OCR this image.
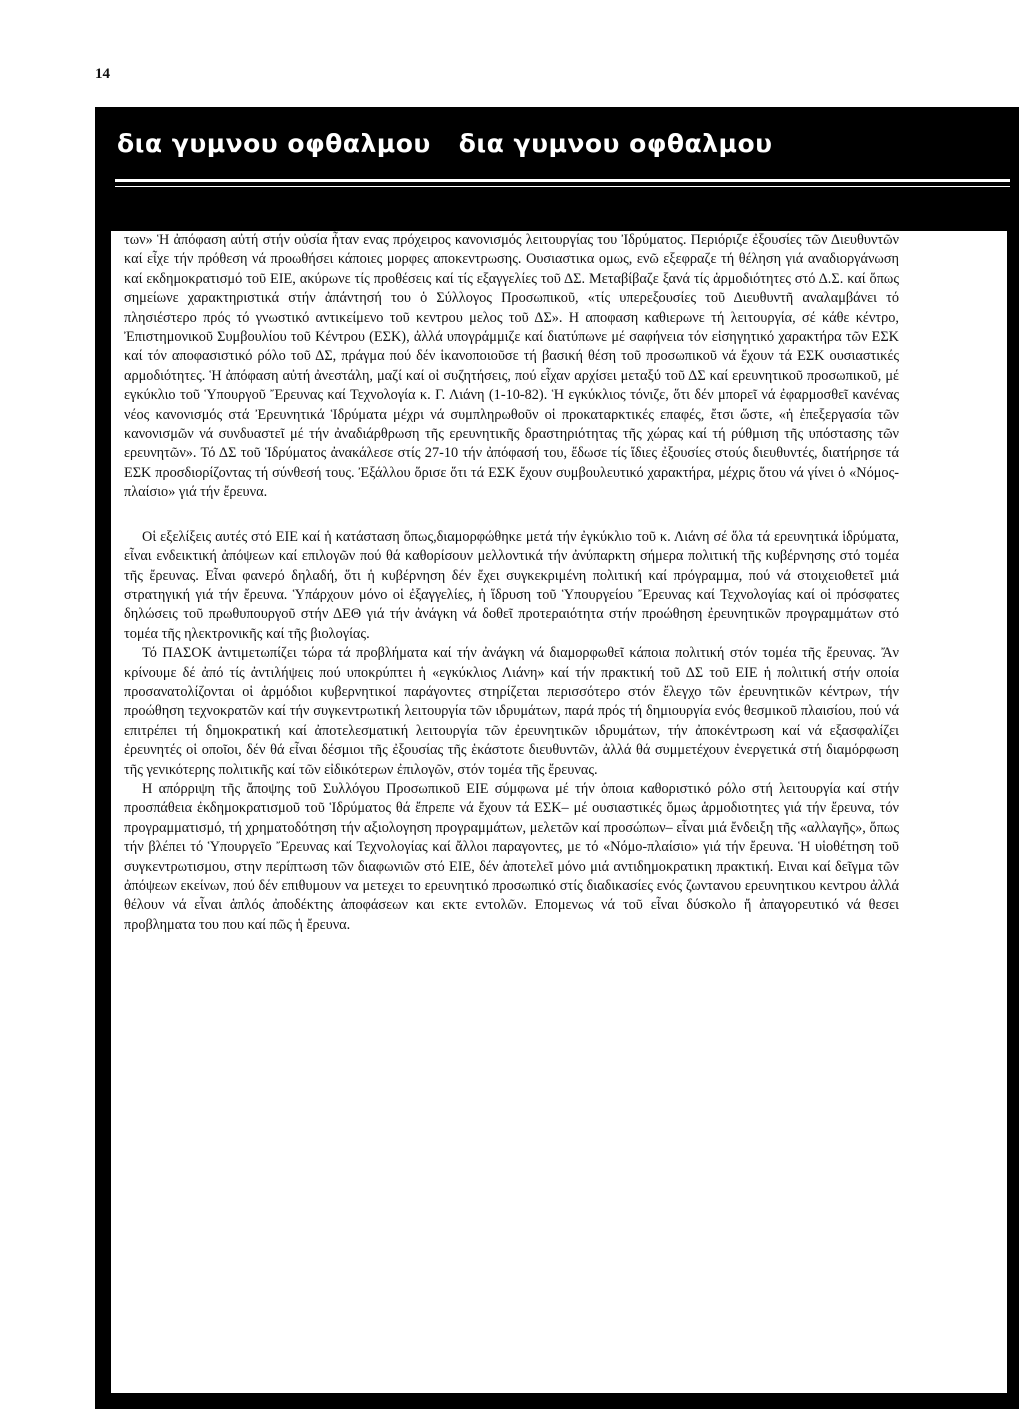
14
δια γυμνου οφθαλμου δια γυμνου οφθαλμου

των» Ἡ ἀπόφαση αὐτή στήν οὐσία ἦταν ενας πρόχειρος κανονισμός λειτουργίας του Ἰδρύματος. Περιόριζε ἐξουσίες τῶν Διευθυντῶν καί εἶχε τήν πρόθεση νά προωθήσει κάποιες μορφες αποκεντρωσης. Ουσιαστικα ομως, ενῶ εξεφραζε τή θέληση γιά αναδιοργάνωση καί εκδημοκρατισμό τοῦ ΕΙΕ, ακύρωνε τίς προθέσεις καί τίς εξαγγελίες τοῦ ΔΣ. Μεταβίβαζε ξανά τίς ἁρμοδιότητες στό Δ.Σ. καί ὅπως σημείωνε χαρακτηριστικά στήν ἀπάντησή του ὁ Σύλλογος Προσωπικοῦ, «τίς υπερεξουσίες τοῦ Διευθυντῆ αναλαμβάνει τό πλησιέστερο πρός τό γνωστικό αντικείμενο τοῦ κεντρου μελος τοῦ ΔΣ». Η αποφαση καθιερωνε τή λειτουργία, σέ κάθε κέντρο, Ἐπιστημονικοῦ Συμβουλίου τοῦ Κέντρου (ΕΣΚ), ἀλλά υπογράμμιζε καί διατύπωνε μέ σαφήνεια τόν εἰσηγητικό χαρακτήρα τῶν ΕΣΚ καί τόν αποφασιστικό ρόλο τοῦ ΔΣ, πράγμα πού δέν ἱκανοποιοῦσε τή βασική θέση τοῦ προσωπικοῦ νά ἔχουν τά ΕΣΚ ουσιαστικές αρμοδιότητες. Ἡ ἀπόφαση αὐτή ἀνεστάλη, μαζί καί οἱ συζητήσεις, πού εἶχαν αρχίσει μεταξύ τοῦ ΔΣ καί ερευνητικοῦ προσωπικοῦ, μέ εγκύκλιο τοῦ Ὑπουργοῦ Ἔρευνας καί Τεχνολογία κ. Γ. Λιάνη (1-10-82). Ἡ εγκύκλιος τόνιζε, ὅτι δέν μπορεῖ νά ἐφαρμοσθεῖ κανένας νέος κανονισμός στά Ἐρευνητικά Ἱδρύματα μέχρι νά συμπληρωθοῦν οἱ προκαταρκτικές επαφές, ἔτσι ὥστε, «ἡ ἐπεξεργασία τῶν κανονισμῶν νά συνδυαστεῖ μέ τήν ἀναδιάρθρωση τῆς ερευνητικῆς δραστηριότητας τῆς χώρας καί τή ρύθμιση τῆς υπόστασης τῶν ερευνητῶν». Τό ΔΣ τοῦ Ἱδρύματος ἀνακάλεσε στίς 27-10 τήν ἀπόφασή του, ἔδωσε τίς ἴδιες ἐξουσίες στούς διευθυντές, διατήρησε τά ΕΣΚ προσδιορίζοντας τή σύνθεσή τους. Ἐξάλλου ὅρισε ὅτι τά ΕΣΚ ἔχουν συμβουλευτικό χαρακτήρα, μέχρις ὅτου νά γίνει ὁ «Νόμος-πλαίσιο» γιά τήν ἔρευνα.

Οἱ εξελίξεις αυτές στό ΕΙΕ καί ἡ κατάσταση ὅπως,διαμορφώθηκε μετά τήν ἐγκύκλιο τοῦ κ. Λιάνη σέ ὅλα τά ερευνητικά ἱδρύματα, εἶναι ενδεικτική ἀπόψεων καί επιλογῶν πού θά καθορίσουν μελλοντικά τήν ἀνύπαρκτη σήμερα πολιτική τῆς κυβέρνησης στό τομέα τῆς ἔρευνας. Εἶναι φανερό δηλαδή, ὅτι ἡ κυβέρνηση δέν ἔχει συγκεκριμένη πολιτική καί πρόγραμμα, πού νά στοιχειοθετεῖ μιά στρατηγική γιά τήν ἔρευνα. Ὑπάρχουν μόνο οἱ ἐξαγγελίες, ἡ ἵδρυση τοῦ Ὑπουργείου Ἔρευνας καί Τεχνολογίας καί οἱ πρόσφατες δηλώσεις τοῦ πρωθυπουργοῦ στήν ΔΕΘ γιά τήν ἀνάγκη νά δοθεῖ προτεραιότητα στήν προώθηση ἐρευνητικῶν προγραμμάτων στό τομέα τῆς ηλεκτρονικῆς καί τῆς βιολογίας.

Τό ΠΑΣΟΚ ἀντιμετωπίζει τώρα τά προβλήματα καί τήν ἀνάγκη νά διαμορφωθεῖ κάποια πολιτική στόν τομέα τῆς ἔρευνας. Ἄν κρίνουμε δέ ἀπό τίς ἀντιλήψεις πού υποκρύπτει ἡ «εγκύκλιος Λιάνη» καί τήν πρακτική τοῦ ΔΣ τοῦ ΕΙΕ ἡ πολιτική στήν οποία προσανατολίζονται οἱ ἁρμόδιοι κυβερνητικοί παράγοντες στηρίζεται περισσότερο στόν ἔλεγχο τῶν ἐρευνητικῶν κέντρων, τήν προώθηση τεχνοκρατῶν καί τήν συγκεντρωτική λειτουργία τῶν ιδρυμάτων, παρά πρός τή δημιουργία ενός θεσμικοῦ πλαισίου, πού νά επιτρέπει τή δημοκρατική καί ἀποτελεσματική λειτουργία τῶν ἐρευνητικῶν ιδρυμάτων, τήν ἀποκέντρωση καί νά εξασφαλίζει ἐρευνητές οἱ οποῖοι, δέν θά εἶναι δέσμιοι τῆς ἐξουσίας τῆς ἑκάστοτε διευθυντῶν, ἀλλά θά συμμετέχουν ἐνεργετικά στή διαμόρφωση τῆς γενικότερης πολιτικῆς καί τῶν εἰδικότερων ἐπιλογῶν, στόν τομέα τῆς ἔρευνας.

Η απόρριψη τῆς ἄποψης τοῦ Συλλόγου Προσωπικοῦ ΕΙΕ σύμφωνα μέ τήν ὁποια καθοριστικό ρόλο στή λειτουργία καί στήν προσπάθεια ἐκδημοκρατισμοῦ τοῦ Ἱδρύματος θά ἔπρεπε νά ἔχουν τά ΕΣΚ– μέ ουσιαστικές ὅμως ἁρμοδιοτητες γιά τήν ἔρευνα, τόν προγραμματισμό, τή χρηματοδότηση τήν αξιολογηση προγραμμάτων, μελετῶν καί προσώπων– εἶναι μιά ἔνδειξη τῆς «αλλαγῆς», ὅπως τήν βλέπει τό Ὑπουργεῖο Ἔρευνας καί Τεχνολογίας καί ἄλλοι παραγοντες, με τό «Νόμο-πλαίσιο» γιά τήν ἔρευνα. Ἡ υἱοθέτηση τοῦ συγκεντρωτισμου, στην περίπτωση τῶν διαφωνιῶν στό ΕΙΕ, δέν ἀποτελεῖ μόνο μιά αντιδημοκρατικη πρακτική. Ειναι καί δεῖγμα τῶν ἀπόψεων εκείνων, πού δέν επιθυμουν να μετεχει το ερευνητικό προσωπικό στίς διαδικασίες ενός ζωντανου ερευνητικου κεντρου ἀλλά θέλουν νά εἶναι ἁπλός ἀποδέκτης ἀποφάσεων και εκτε εντολῶν. Επομενως νά τοῦ εἶναι δύσκολο ἤ ἀπαγορευτικό νά θεσει προβληματα του που καί πῶς ἡ ἔρευνα.
